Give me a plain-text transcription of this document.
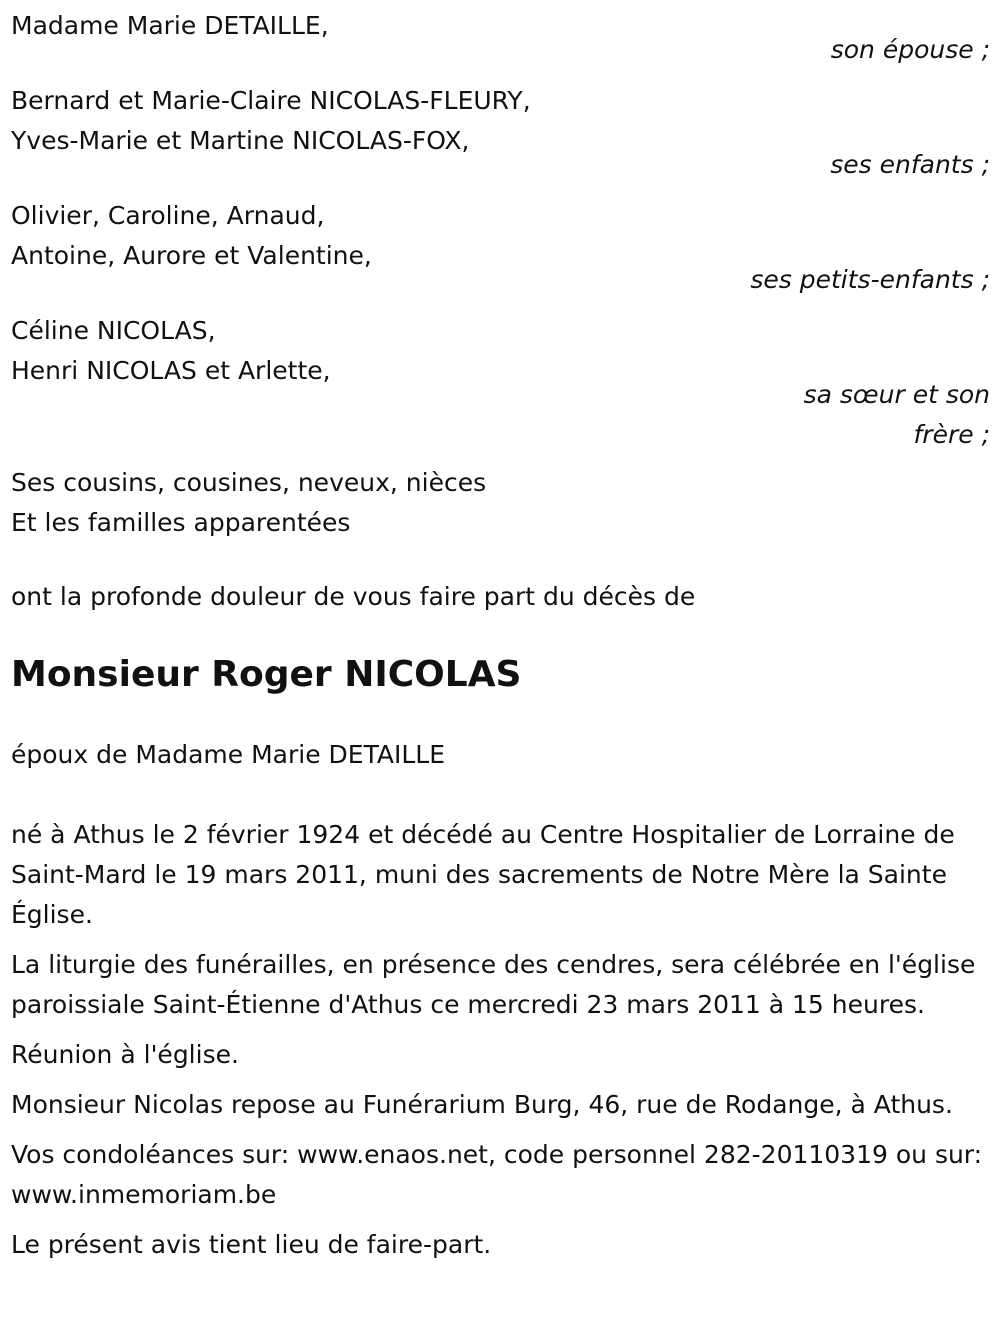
Madame Marie DETAILLE,
son épouse ;
Bernard et Marie-Claire NICOLAS-FLEURY,
Yves-Marie et Martine NICOLAS-FOX,
ses enfants ;
Olivier, Caroline, Arnaud,
Antoine, Aurore et Valentine,
ses petits-enfants ;
Céline NICOLAS,
Henri NICOLAS et Arlette,
sa sœur et son
frère ;
Ses cousins, cousines, neveux, nièces
Et les familles apparentées
ont la profonde douleur de vous faire part du décès de
Monsieur Roger NICOLAS
époux de Madame Marie DETAILLE

né à Athus le 2 février 1924 et décédé au Centre Hospitalier de Lorraine de Saint-Mard le 19 mars 2011, muni des sacrements de Notre Mère la Sainte Église.

La liturgie des funérailles, en présence des cendres, sera célébrée en l'église paroissiale Saint-Étienne d'Athus ce mercredi 23 mars 2011 à 15 heures.

Réunion à l'église.

Monsieur Nicolas repose au Funérarium Burg, 46, rue de Rodange, à Athus.

Vos condoléances sur: www.enaos.net, code personnel 282-20110319 ou sur: www.inmemoriam.be

Le présent avis tient lieu de faire-part.
